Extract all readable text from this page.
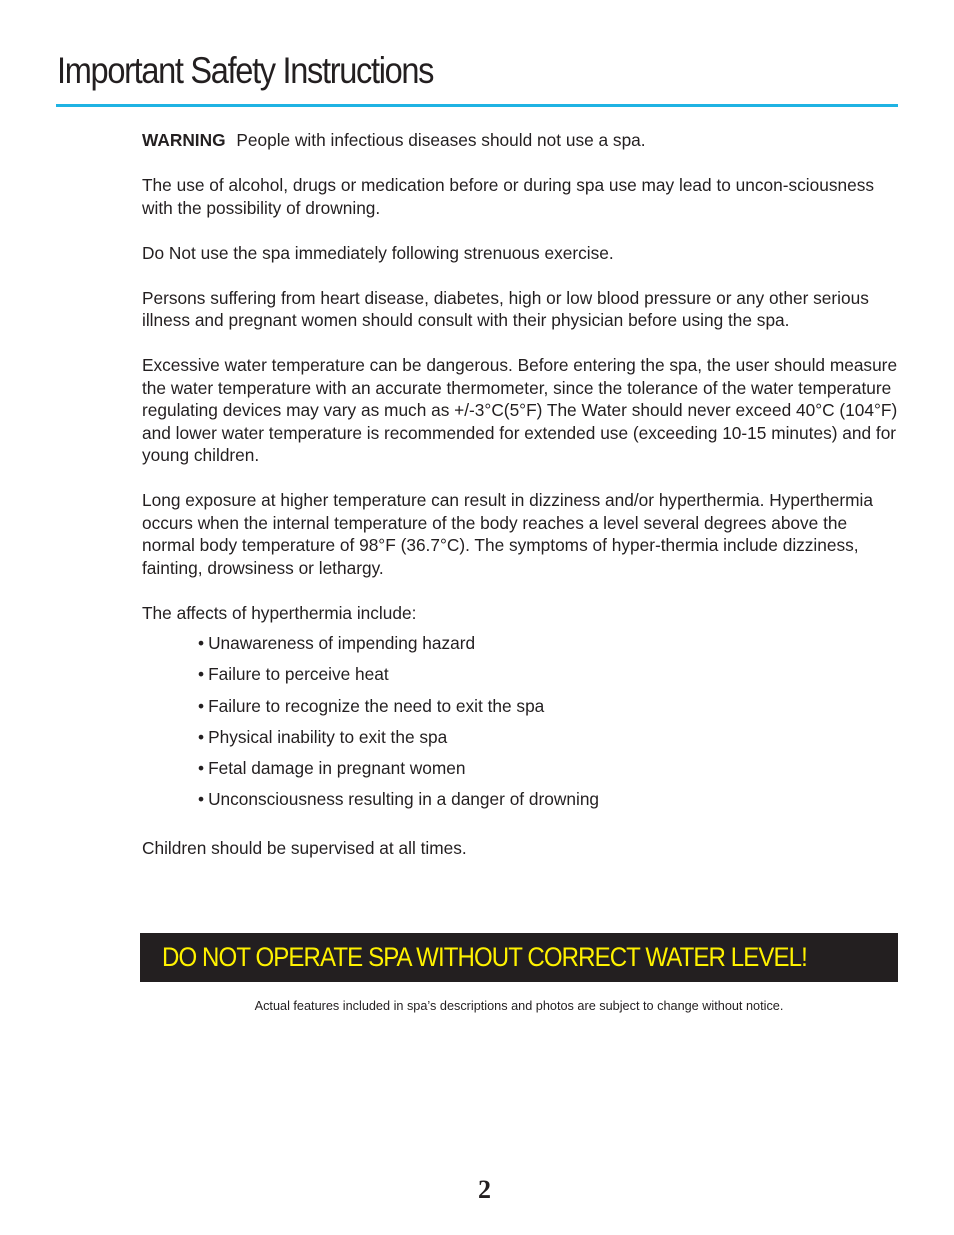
Important Safety Instructions

WARNING People with infectious diseases should not use a spa.

The use of alcohol, drugs or medication before or during spa use may lead to uncon-sciousness with the possibility of drowning.

Do Not use the spa immediately following strenuous exercise.

Persons suffering from heart disease, diabetes, high or low blood pressure or any other serious illness and pregnant women should consult with their physician before using the spa.

Excessive water temperature can be dangerous. Before entering the spa, the user should measure the water temperature with an accurate thermometer, since the tolerance of the water temperature regulating devices may vary as much as +/-3°C(5°F) The Water should never exceed 40°C (104°F) and lower water temperature is recommended for extended use (exceeding 10-15 minutes) and for young children.

Long exposure at higher temperature can result in dizziness and/or hyperthermia. Hyperthermia occurs when the internal temperature of the body reaches a level several degrees above the normal body temperature of 98°F (36.7°C). The symptoms of hyper-thermia include dizziness, fainting, drowsiness or lethargy.

The affects of hyperthermia include:

• Unawareness of impending hazard
• Failure to perceive heat
• Failure to recognize the need to exit the spa
• Physical inability to exit the spa
• Fetal damage in pregnant women
• Unconsciousness resulting in a danger of drowning

Children should be supervised at all times.

DO NOT OPERATE SPA WITHOUT CORRECT WATER LEVEL!
Actual features included in spa’s descriptions and photos are subject to change without notice.
2
